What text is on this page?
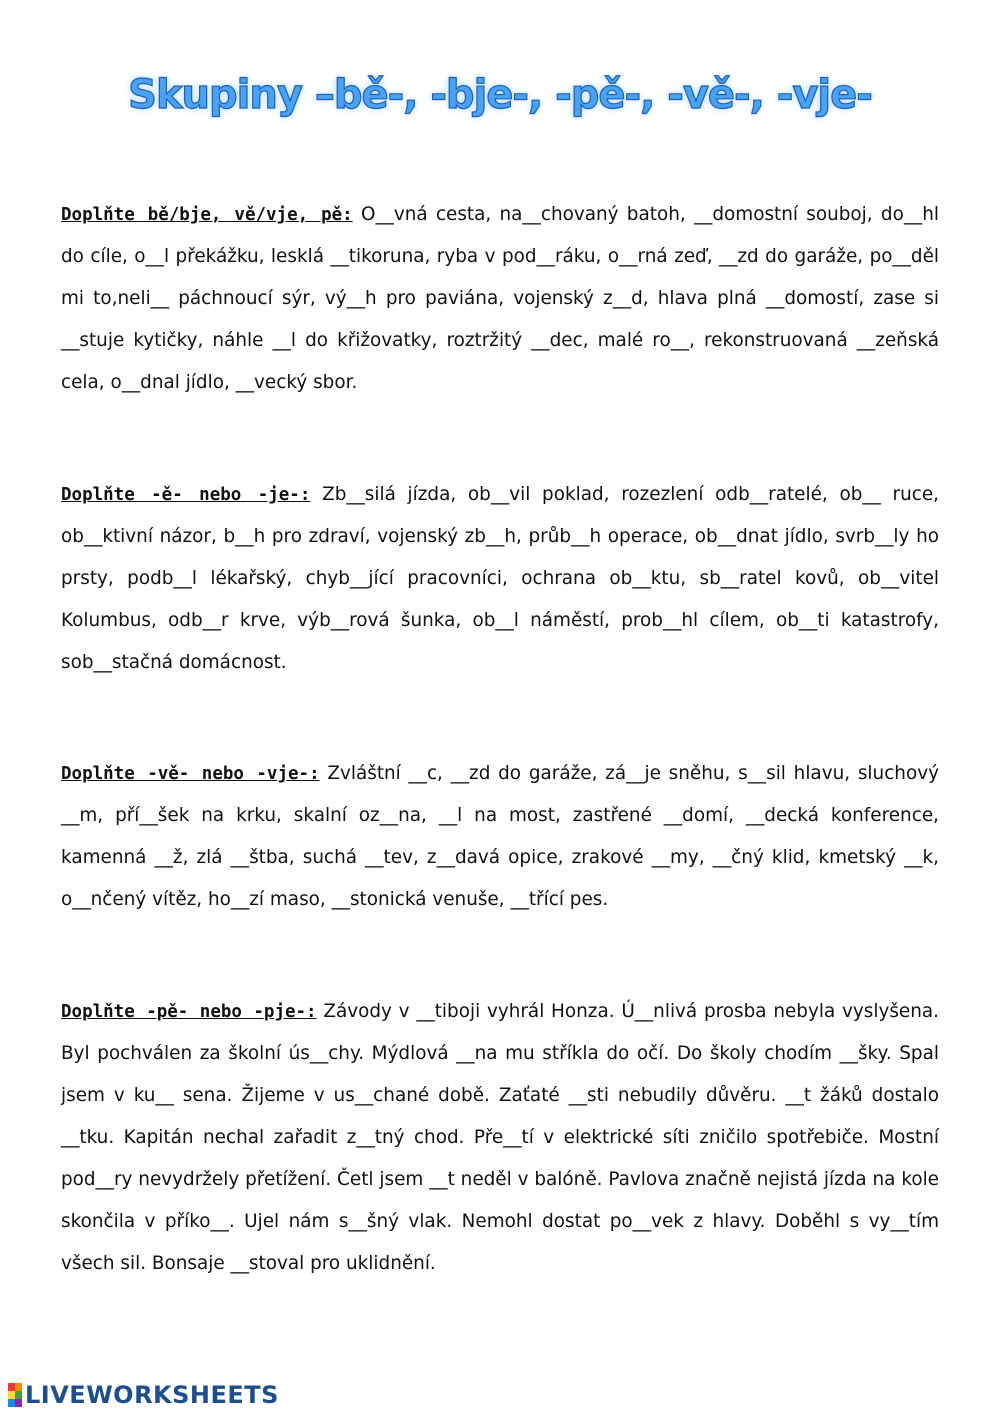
Skupiny –bě-, -bje-, -pě-, -vě-, -vje-

Doplňte bě/bje, vě/vje, pě: O__vná cesta, na__chovaný batoh, __domostní souboj, do__hl do cíle, o__l překážku, lesklá __tikoruna, ryba v pod__ráku, o__rná zeď, __zd do garáže, po__děl mi to,neli__ páchnoucí sýr, vý__h pro paviána, vojenský z__d, hlava plná __domostí, zase si __stuje kytičky, náhle __l do křižovatky, roztržitý __dec, malé ro__, rekonstruovaná __zeňská cela, o__dnal jídlo, __vecký sbor.

Doplňte -ě- nebo -je-: Zb__silá jízda, ob__vil poklad, rozezlení odb__ratelé, ob__ ruce, ob__ktivní názor, b__h pro zdraví, vojenský zb__h, průb__h operace, ob__dnat jídlo, svrb__ly ho prsty, podb__l lékařský, chyb__jící pracovníci, ochrana ob__ktu, sb__ratel kovů, ob__vitel Kolumbus, odb__r krve, výb__rová šunka, ob__l náměstí, prob__hl cílem, ob__ti katastrofy, sob__stačná domácnost.

Doplňte -vě- nebo -vje-: Zvláštní __c, __zd do garáže, zá__je sněhu, s__sil hlavu, sluchový __m, pří__šek na krku, skalní oz__na, __l na most, zastřené __domí, __decká konference, kamenná __ž, zlá __štba, suchá __tev, z__davá opice, zrakové __my, __čný klid, kmetský __k, o__nčený vítěz, ho__zí maso, __stonická venuše, __třící pes.

Doplňte -pě- nebo -pje-: Závody v __tiboji vyhrál Honza. Ú__nlivá prosba nebyla vyslyšena. Byl pochválen za školní ús__chy. Mýdlová __na mu stříkla do očí. Do školy chodím __šky. Spal jsem v ku__ sena. Žijeme v us__chané době. Zaťaté __sti nebudily důvěru. __t žáků dostalo __tku. Kapitán nechal zařadit z__tný chod. Pře__tí v elektrické síti zničilo spotřebiče. Mostní pod__ry nevydržely přetížení. Četl jsem __t neděl v balóně. Pavlova značně nejistá jízda na kole skončila v příko__. Ujel nám s__šný vlak. Nemohl dostat po__vek z hlavy. Doběhl s vy__tím všech sil. Bonsaje __stoval pro uklidnění.

LIVEWORKSHEETS
